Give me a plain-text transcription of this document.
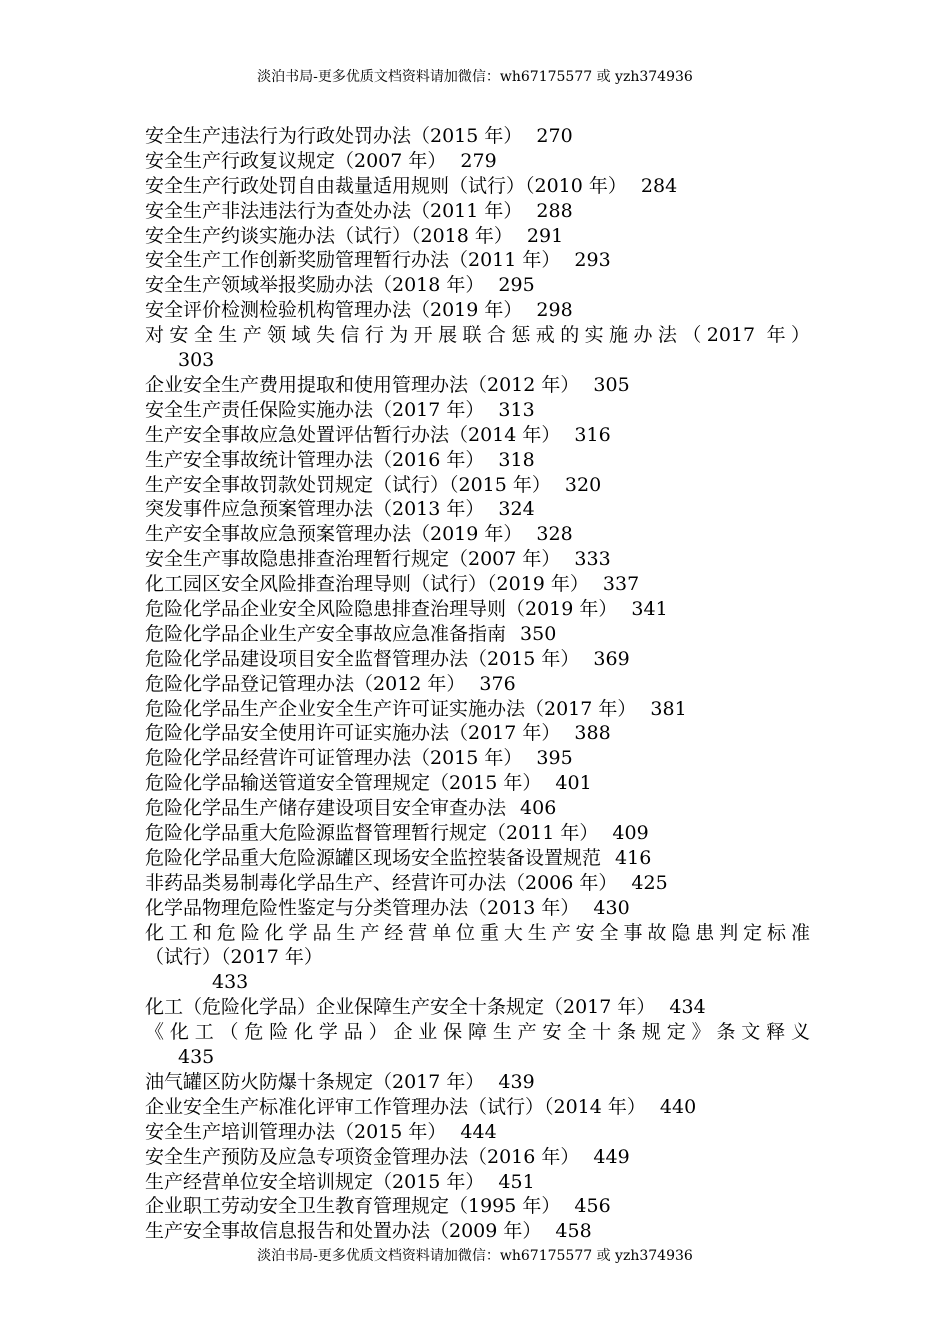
淡泊书局-更多优质文档资料请加微信：wh67175577 或 yzh374936
安全生产违法行为行政处罚办法（2015 年） 270
安全生产行政复议规定（2007 年） 279
安全生产行政处罚自由裁量适用规则（试行）（2010 年） 284
安全生产非法违法行为查处办法（2011 年） 288
安全生产约谈实施办法（试行）（2018 年） 291
安全生产工作创新奖励管理暂行办法（2011 年） 293
安全生产领域举报奖励办法（2018 年） 295
安全评价检测检验机构管理办法（2019 年） 298
对安全生产领域失信行为开展联合惩戒的实施办法（2017 年）
303
企业安全生产费用提取和使用管理办法（2012 年） 305
安全生产责任保险实施办法（2017 年） 313
生产安全事故应急处置评估暂行办法（2014 年） 316
生产安全事故统计管理办法（2016 年） 318
生产安全事故罚款处罚规定（试行）（2015 年） 320
突发事件应急预案管理办法（2013 年） 324
生产安全事故应急预案管理办法（2019 年） 328
安全生产事故隐患排查治理暂行规定（2007 年） 333
化工园区安全风险排查治理导则（试行）（2019 年） 337
危险化学品企业安全风险隐患排查治理导则（2019 年） 341
危险化学品企业生产安全事故应急准备指南 350
危险化学品建设项目安全监督管理办法（2015 年） 369
危险化学品登记管理办法（2012 年） 376
危险化学品生产企业安全生产许可证实施办法（2017 年） 381
危险化学品安全使用许可证实施办法（2017 年） 388
危险化学品经营许可证管理办法（2015 年） 395
危险化学品输送管道安全管理规定（2015 年） 401
危险化学品生产储存建设项目安全审查办法 406
危险化学品重大危险源监督管理暂行规定（2011 年） 409
危险化学品重大危险源罐区现场安全监控装备设置规范 416
非药品类易制毒化学品生产、经营许可办法（2006 年） 425
化学品物理危险性鉴定与分类管理办法（2013 年） 430
化工和危险化学品生产经营单位重大生产安全事故隐患判定标准
（试行）（2017 年）
433
化工（危险化学品）企业保障生产安全十条规定（2017 年） 434
《化工（危险化学品）企业保障生产安全十条规定》条文释义
435
油气罐区防火防爆十条规定（2017 年） 439
企业安全生产标准化评审工作管理办法（试行）（2014 年） 440
安全生产培训管理办法（2015 年） 444
安全生产预防及应急专项资金管理办法（2016 年） 449
生产经营单位安全培训规定（2015 年） 451
企业职工劳动安全卫生教育管理规定（1995 年） 456
生产安全事故信息报告和处置办法（2009 年） 458
淡泊书局-更多优质文档资料请加微信：wh67175577 或 yzh374936
